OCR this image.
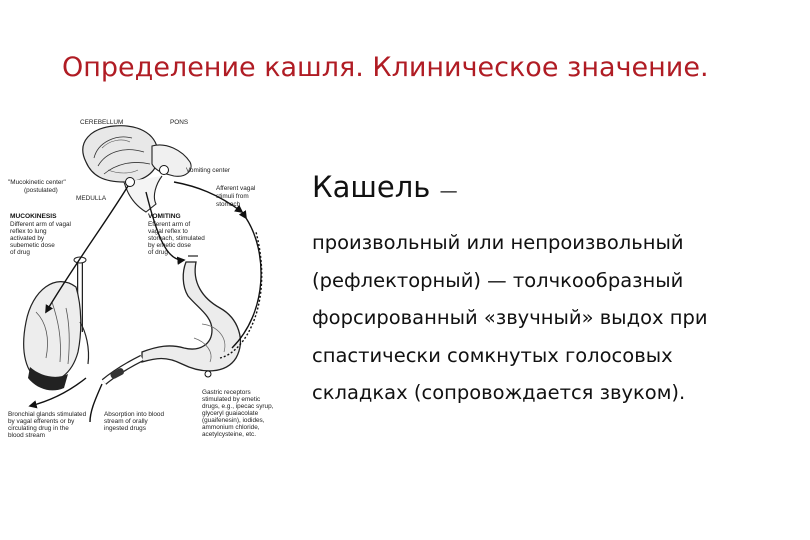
Определение кашля. Клиническое значение.
CEREBELLUM	PONS
"Mucokinetic center"
(postulated)
Vomiting center
MEDULLA
Afferent vagal
stimuli from
stomach
MUCOKINESIS
Different arm of vagal
reflex to lung
activated by
subemetic dose
of drug
VOMITING
Efferent arm of
vagal reflex to
stomach, stimulated
by emetic dose
of drug
Bronchial glands stimulated
by vagal efferents or by
circulating drug in the
blood stream
Absorption into blood
stream of orally
ingested drugs
Gastric receptors
stimulated by emetic
drugs, e.g., ipecac syrup,
glyceryl guaiacolate
(guaifenesin), iodides,
ammonium chloride,
acetylcysteine, etc.
Кашель —
произвольный или непроизвольный
(рефлекторный) — толчкообразный
форсированный «звучный» выдох при
спастически сомкнутых голосовых
складках (сопровождается звуком).
